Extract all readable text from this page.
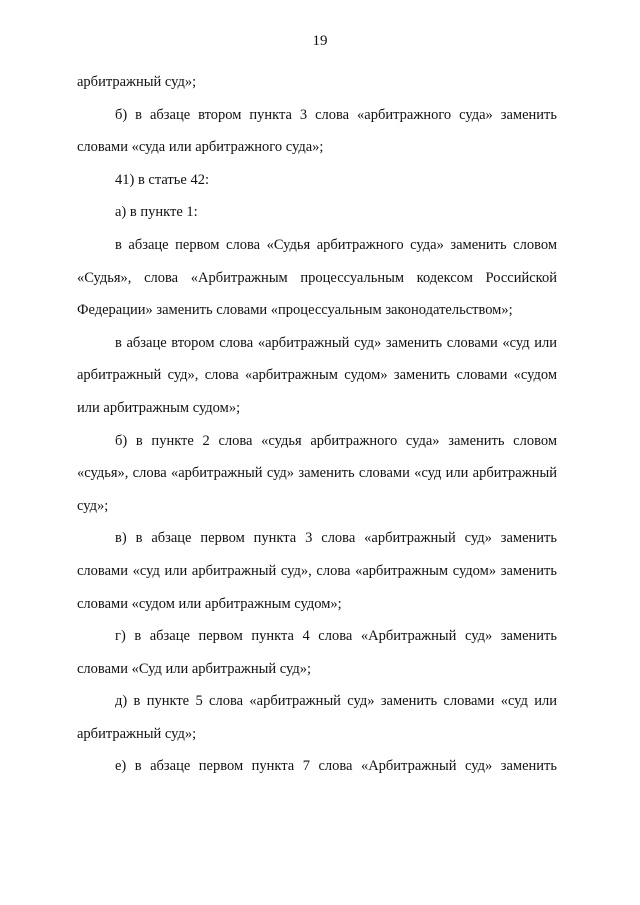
19

арбитражный суд»;

б) в абзаце втором пункта 3 слова «арбитражного суда» заменить словами «суда или арбитражного суда»;

41) в статье 42:

а) в пункте 1:

в абзаце первом слова «Судья арбитражного суда» заменить словом «Судья», слова «Арбитражным процессуальным кодексом Российской Федерации» заменить словами «процессуальным законодательством»;

в абзаце втором слова «арбитражный суд» заменить словами «суд или арбитражный суд», слова «арбитражным судом» заменить словами «судом или арбитражным судом»;

б) в пункте 2 слова «судья арбитражного суда» заменить словом «судья», слова «арбитражный суд» заменить словами «суд или арбитражный суд»;

в) в абзаце первом пункта 3 слова «арбитражный суд» заменить словами «суд или арбитражный суд», слова «арбитражным судом» заменить словами «судом или арбитражным судом»;

г) в абзаце первом пункта 4 слова «Арбитражный суд» заменить словами «Суд или арбитражный суд»;

д) в пункте 5 слова «арбитражный суд» заменить словами «суд или арбитражный суд»;

е) в абзаце первом пункта 7 слова «Арбитражный суд» заменить
